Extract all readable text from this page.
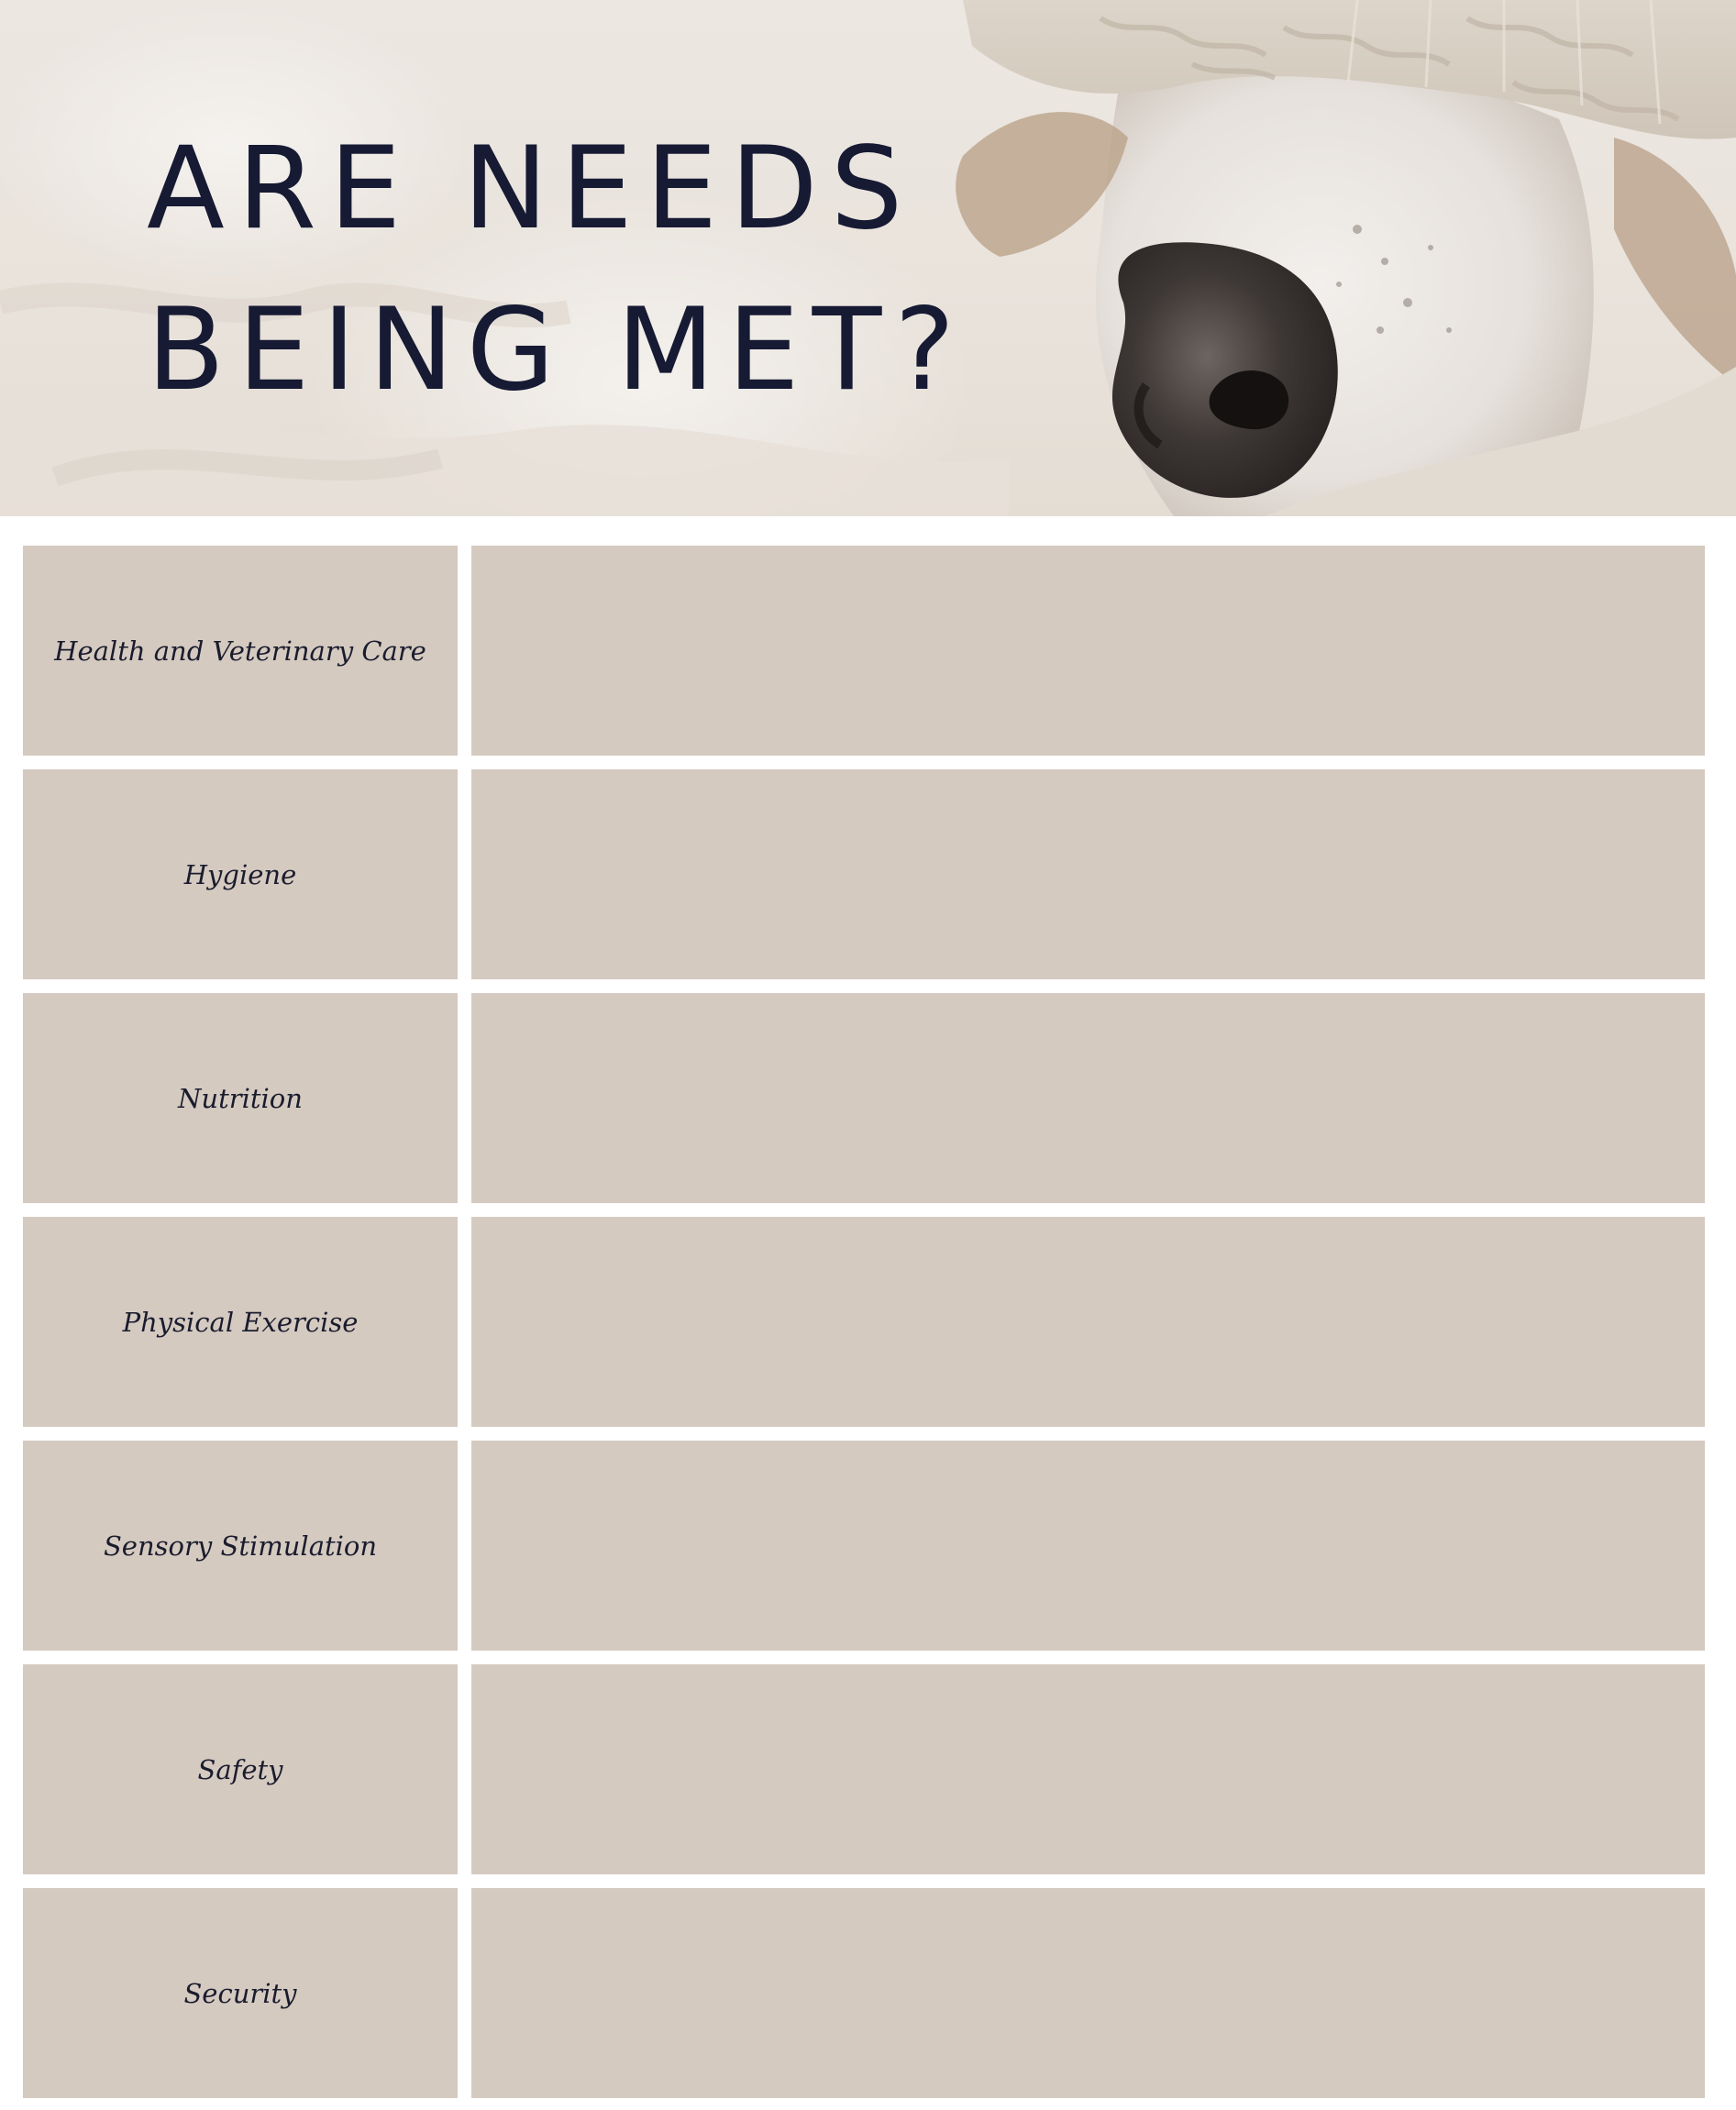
ARE NEEDS
BEING MET?
Health and Veterinary Care
Hygiene
Nutrition
Physical Exercise
Sensory Stimulation
Safety
Security
